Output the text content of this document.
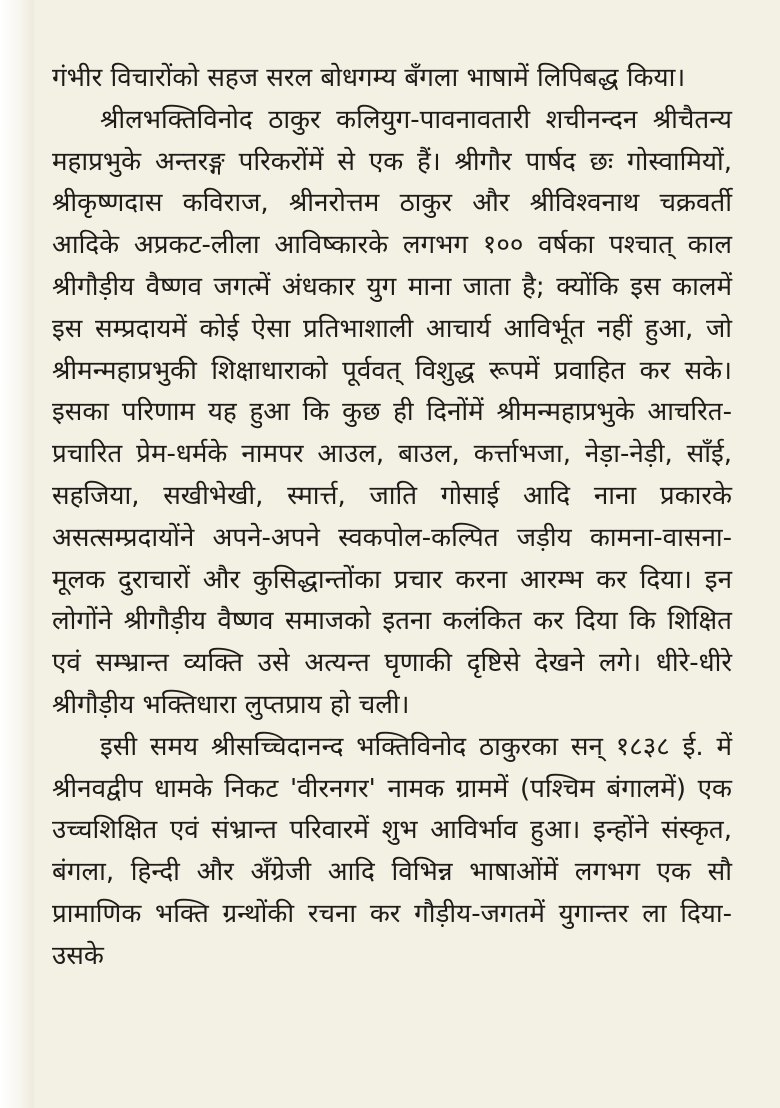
गंभीर विचारोंको सहज सरल बोधगम्य बँगला भाषामें लिपिबद्ध किया।

श्रीलभक्तिविनोद ठाकुर कलियुग-पावनावतारी शचीनन्दन श्रीचैतन्य महाप्रभुके अन्तरङ्ग परिकरोंमें से एक हैं। श्रीगौर पार्षद छः गोस्वामियों, श्रीकृष्णदास कविराज, श्रीनरोत्तम ठाकुर और श्रीविश्वनाथ चक्रवर्ती आदिके अप्रकट-लीला आविष्कारके लगभग १०० वर्षका पश्चात् काल श्रीगौड़ीय वैष्णव जगत्में अंधकार युग माना जाता है; क्योंकि इस कालमें इस सम्प्रदायमें कोई ऐसा प्रतिभाशाली आचार्य आविर्भूत नहीं हुआ, जो श्रीमन्महाप्रभुकी शिक्षाधाराको पूर्ववत् विशुद्ध रूपमें प्रवाहित कर सके। इसका परिणाम यह हुआ कि कुछ ही दिनोंमें श्रीमन्महाप्रभुके आचरित-प्रचारित प्रेम-धर्मके नामपर आउल, बाउल, कर्त्ताभजा, नेड़ा-नेड़ी, साँई, सहजिया, सखीभेखी, स्मार्त्त, जाति गोसाई आदि नाना प्रकारके असत्सम्प्रदायोंने अपने-अपने स्वकपोल-कल्पित जड़ीय कामना-वासना-मूलक दुराचारों और कुसिद्धान्तोंका प्रचार करना आरम्भ कर दिया। इन लोगोंने श्रीगौड़ीय वैष्णव समाजको इतना कलंकित कर दिया कि शिक्षित एवं सम्भ्रान्त व्यक्ति उसे अत्यन्त घृणाकी दृष्टिसे देखने लगे। धीरे-धीरे श्रीगौड़ीय भक्तिधारा लुप्तप्राय हो चली।

इसी समय श्रीसच्चिदानन्द भक्तिविनोद ठाकुरका सन् १८३८ ई. में श्रीनवद्वीप धामके निकट 'वीरनगर' नामक ग्राममें (पश्चिम बंगालमें) एक उच्चशिक्षित एवं संभ्रान्त परिवारमें शुभ आविर्भाव हुआ। इन्होंने संस्कृत, बंगला, हिन्दी और अँग्रेजी आदि विभिन्न भाषाओंमें लगभग एक सौ प्रामाणिक भक्ति ग्रन्थोंकी रचना कर गौड़ीय-जगतमें युगान्तर ला दिया-उसके
